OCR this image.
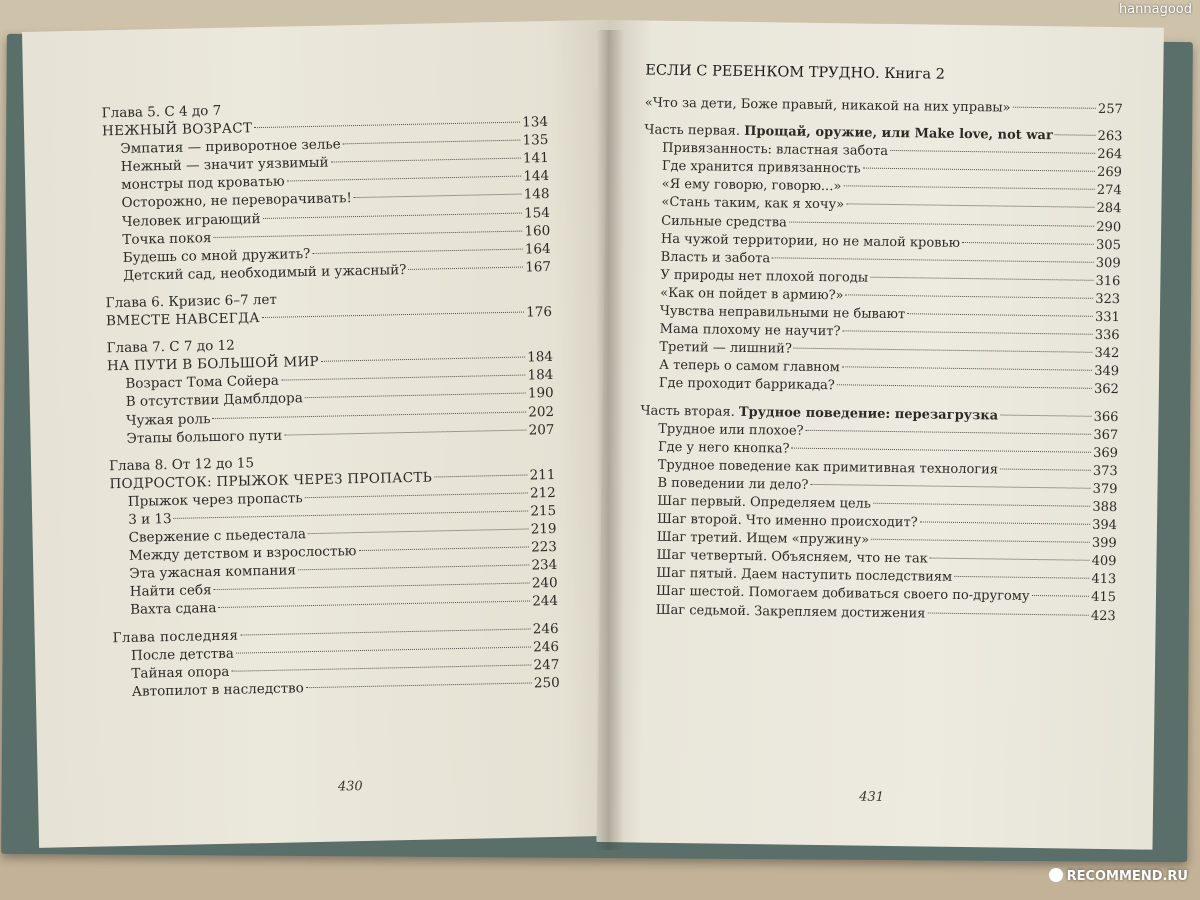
Глава 5. С 4 до 7
НЕЖНЫЙ ВОЗРАСТ	134
Эмпатия — приворотное зелье	135
Нежный — значит уязвимый	141
монстры под кроватью	144
Осторожно, не переворачивать!	148
Человек играющий	154
Точка покоя	160
Будешь со мной дружить?	164
Детский сад, необходимый и ужасный?	167
Глава 6. Кризис 6–7 лет
ВМЕСТЕ НАВСЕГДА	176
Глава 7. С 7 до 12
НА ПУТИ В БОЛЬШОЙ МИР	184
Возраст Тома Сойера	184
В отсутствии Дамблдора	190
Чужая роль	202
Этапы большого пути	207
Глава 8. От 12 до 15
ПОДРОСТОК: ПРЫЖОК ЧЕРЕЗ ПРОПАСТЬ	211
Прыжок через пропасть	212
3 и 13	215
Свержение с пьедестала	219
Между детством и взрослостью	223
Эта ужасная компания	234
Найти себя	240
Вахта сдана	244
Глава последняя	246
После детства	246
Тайная опора	247
Автопилот в наследство	250
430
ЕСЛИ С РЕБЕНКОМ ТРУДНО. Книга 2
«Что за дети, Боже правый, никакой на них управы»	257
Часть первая. Прощай, оружие, или Make love, not war	263
Привязанность: властная забота	264
Где хранится привязанность	269
«Я ему говорю, говорю...»	274
«Стань таким, как я хочу»	284
Сильные средства	290
На чужой территории, но не малой кровью	305
Власть и забота	309
У природы нет плохой погоды	316
«Как он пойдет в армию?»	323
Чувства неправильными не бывают	331
Мама плохому не научит?	336
Третий — лишний?	342
А теперь о самом главном	349
Где проходит баррикада?	362
Часть вторая. Трудное поведение: перезагрузка	366
Трудное или плохое?	367
Где у него кнопка?	369
Трудное поведение как примитивная технология	373
В поведении ли дело?	379
Шаг первый. Определяем цель	388
Шаг второй. Что именно происходит?	394
Шаг третий. Ищем «пружину»	399
Шаг четвертый. Объясняем, что не так	409
Шаг пятый. Даем наступить последствиям	413
Шаг шестой. Помогаем добиваться своего по-другому	415
Шаг седьмой. Закрепляем достижения	423
431
hannagood
RECOMMEND.RU
